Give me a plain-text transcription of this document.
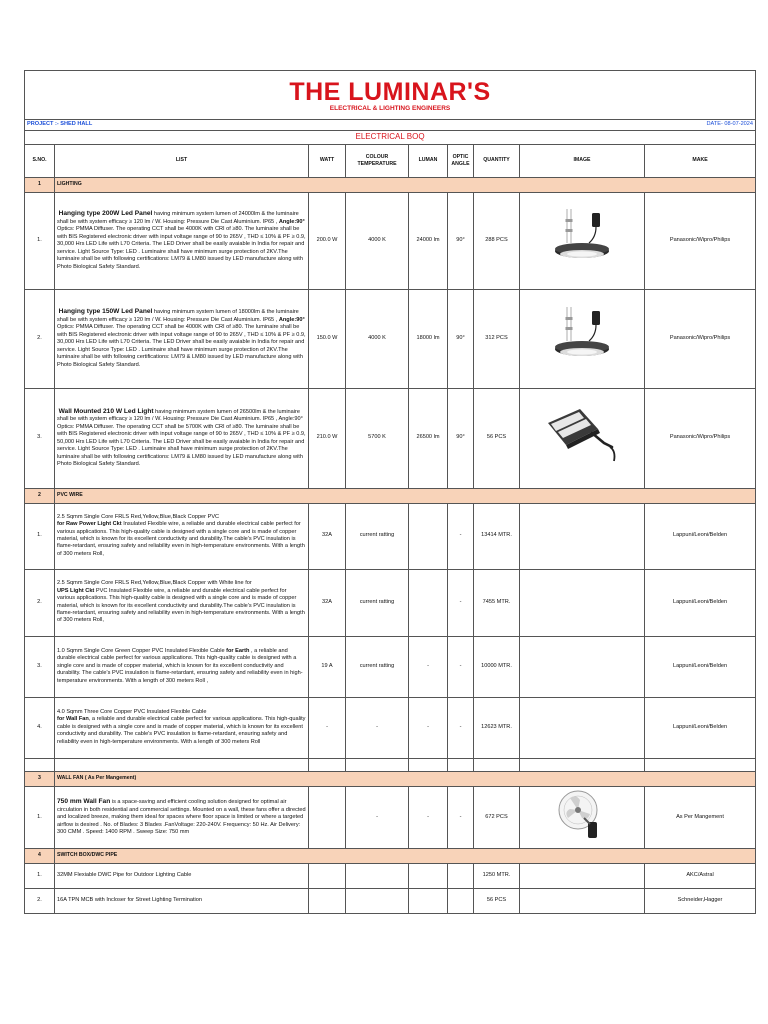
THE LUMINAR'S
ELECTRICAL & LIGHTING ENGINEERS								

PROJECT :- SHED HALL							DATE- 08-07-2024	
ELECTRICAL BOQ								
S.NO.	LIST	WATT	COLOUR TEMPERATURE	LUMAN	OPTIC ANGLE	QUANTITY	IMAGE	MAKE
1	LIGHTING							
1.	Hanging type 200W Led Panel having minimum system lumen of 24000lm & the luminaire shall be with system efficacy ≥ 120 lm / W. Housing: Pressure Die Cast Aluminium. IP65 , Angle:90°
Optics: PMMA Diffuser. The operating CCT shall be 4000K with CRI of ≥80. The luminaire shall be with BIS Registered electronic driver with input voltage range of 90 to 265V , THD ≤ 10% & PF ≥ 0.9, 30,000 Hrs LED Life with L70 Criteria. The LED Driver shall be easily avaiable in India for repair and service. Light Source Type: LED . Luminaire shall have minimum surge protection of 2KV.The luminaire shall be with following certifications: LM79 & LM80 issued by LED manufacture along with Photo Biological Safety Standard.	200.0 W	4000 K	24000 lm	90°	288 PCS		Panasonic/Wipro/Philips
2.	Hanging type 150W Led Panel having minimum system lumen of 18000lm & the luminaire shall be with system efficacy ≥ 120 lm / W. Housing: Pressure Die Cast Aluminium. IP65 , Angle:90°
Optics: PMMA Diffuser. The operating CCT shall be 4000K with CRI of ≥80. The luminaire shall be with BIS Registered electronic driver with input voltage range of 90 to 265V , THD ≤ 10% & PF ≥ 0.9, 30,000 Hrs LED Life with L70 Criteria. The LED Driver shall be easily avaiable in India for repair and service. Light Source Type: LED . Luminaire shall have minimum surge protection of 2KV.The luminaire shall be with following certifications: LM79 & LM80 issued by LED manufacture along with Photo Biological Safety Standard.	150.0 W	4000 K	18000 lm	90°	312 PCS		Panasonic/Wipro/Philips
3.	Wall Mounted 210 W Led Light having minimum system lumen of 26500lm & the luminaire shall be with system efficacy ≥ 120 lm / W. Housing: Pressure Die Cast Aluminium. IP65 , Angle:90°
Optics: PMMA Diffuser. The operating CCT shall be 5700K with CRI of ≥80. The luminaire shall be with BIS Registered electronic driver with input voltage range of 90 to 265V , THD ≤ 10% & PF ≥ 0.9, 50,000 Hrs LED Life with L70 Criteria. The LED Driver shall be easily avaiable in India for repair and service. Light Source Type: LED . Luminaire shall have minimum surge protection of 2KV.The luminaire shall be with following certifications: LM79 & LM80 issued by LED manufacture along with Photo Biological Safety Standard.	210.0 W	5700 K	26500 lm	90°	56 PCS		Panasonic/Wipro/Philips
2	PVC WIRE							
1.	2.5 Sqmm Single Core FRLS Red,Yellow,Blue,Black Copper PVC
for Raw Power Light Ckt Insulated Flexible wire, a reliable and durable electrical cable perfect for various applications. This high-quality cable is designed with a single core and is made of copper material, which is known for its excellent conductivity and durability.The cable's PVC insulation is flame-retardant, ensuring safety and reliability even in high-temperature environments. With a length of 300 meters Roll,	32A	current ratting		-	13414 MTR.		Lappuni/Leoni/Belden
2.	2.5 Sqmm Single Core FRLS Red,Yellow,Blue,Black Copper with White line for
UPS Light Ckt PVC Insulated Flexible wire, a reliable and durable electrical cable perfect for various applications. This high-quality cable is designed with a single core and is made of copper material, which is known for its excellent conductivity and durability.The cable's PVC insulation is flame-retardant, ensuring safety and reliability even in high-temperature environments. With a length of 300 meters Roll,	32A	current ratting		-	7455 MTR.		Lappuni/Leoni/Belden
3.	1.0 Sqmm Single Core Green Copper PVC Insulated Flexible Cable for Earth , a reliable and durable electrical cable perfect for various applications. This high-quality cable is designed with a single core and is made of copper material, which is known for its excellent conductivity and durability. The cable's PVC insulation is flame-retardant, ensuring safety and reliability even in high-temperature environments. With a length of 300 meters Roll ,	19 A	current ratting	-	-	10000 MTR.		Lappuni/Leoni/Belden
4.	4.0 Sqmm Three Core Copper PVC Insulated Flexible Cable
for Wall Fan, a reliable and durable electrical cable perfect for various applications. This high-quality cable is designed with a single core and is made of copper material, which is known for its excellent conductivity and durability. The cable's PVC insulation is flame-retardant, ensuring safety and reliability even in high-temperature environments. With a length of 300 meters Roll	-	-	-	-	12623 MTR.		Lappuni/Leoni/Belden

3	WALL FAN ( As Per Mangement)							
1.	750 mm Wall Fan is a space-saving and efficient cooling solution designed for optimal air circulation in both residential and commercial settings. Mounted on a wall, these fans offer a directed and localized breeze, making them ideal for spaces where floor space is limited or where a targeted airflow is desired . No. of Blades: 3 Blades .FanVoltage: 220-240V. Frequency: 50 Hz. Air Delivery: 300 CMM . Speed: 1400 RPM . Sweep Size: 750 mm		-	-	-	672 PCS		As Per Mangement
4	SWITCH BOX/DWC PIPE							
1.	32MM Flexiable DWC Pipe for Outdoor Lighting Cable					1250 MTR.		AKC/Astral
2.	16A TPN MCB with Incloser for Street Lighting Termination					56 PCS		Schneider,Hagger
